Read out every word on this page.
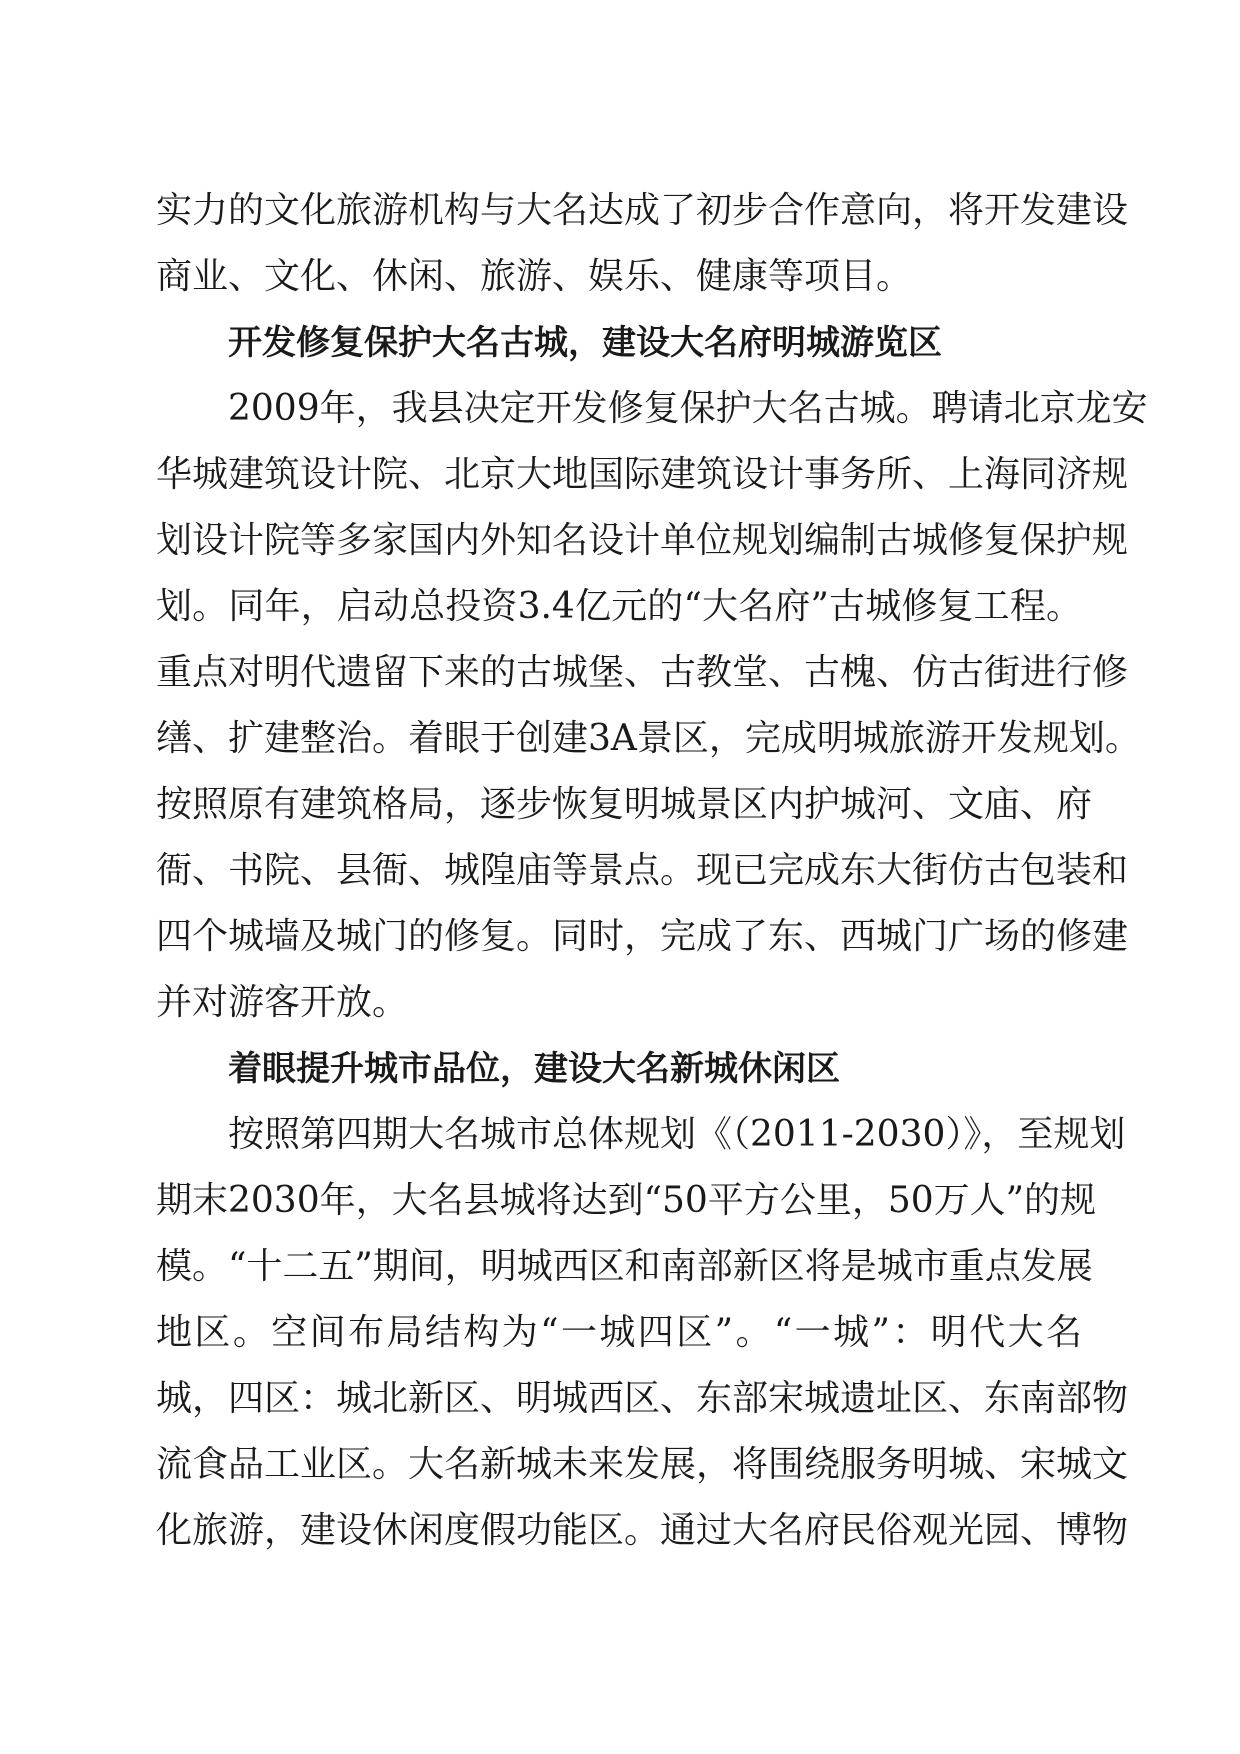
实力的文化旅游机构与大名达成了初步合作意向，将开发建设
商业、文化、休闲、旅游、娱乐、健康等项目。
开发修复保护大名古城，建设大名府明城游览区
2009年，我县决定开发修复保护大名古城。聘请北京龙安
华城建筑设计院、北京大地国际建筑设计事务所、上海同济规
划设计院等多家国内外知名设计单位规划编制古城修复保护规
划。同年，启动总投资3.4亿元的“大名府”古城修复工程。
重点对明代遗留下来的古城堡、古教堂、古槐、仿古街进行修
缮、扩建整治。着眼于创建3A景区，完成明城旅游开发规划。
按照原有建筑格局，逐步恢复明城景区内护城河、文庙、府
衙、书院、县衙、城隍庙等景点。现已完成东大街仿古包装和
四个城墙及城门的修复。同时，完成了东、西城门广场的修建
并对游客开放。
着眼提升城市品位，建设大名新城休闲区
按照第四期大名城市总体规划《（2011-2030）》，至规划
期末2030年，大名县城将达到“50平方公里，50万人”的规
模。“十二五”期间，明城西区和南部新区将是城市重点发展
地区。空间布局结构为“一城四区”。“一城”：明代大名
城，四区：城北新区、明城西区、东部宋城遗址区、东南部物
流食品工业区。大名新城未来发展，将围绕服务明城、宋城文
化旅游，建设休闲度假功能区。通过大名府民俗观光园、博物
